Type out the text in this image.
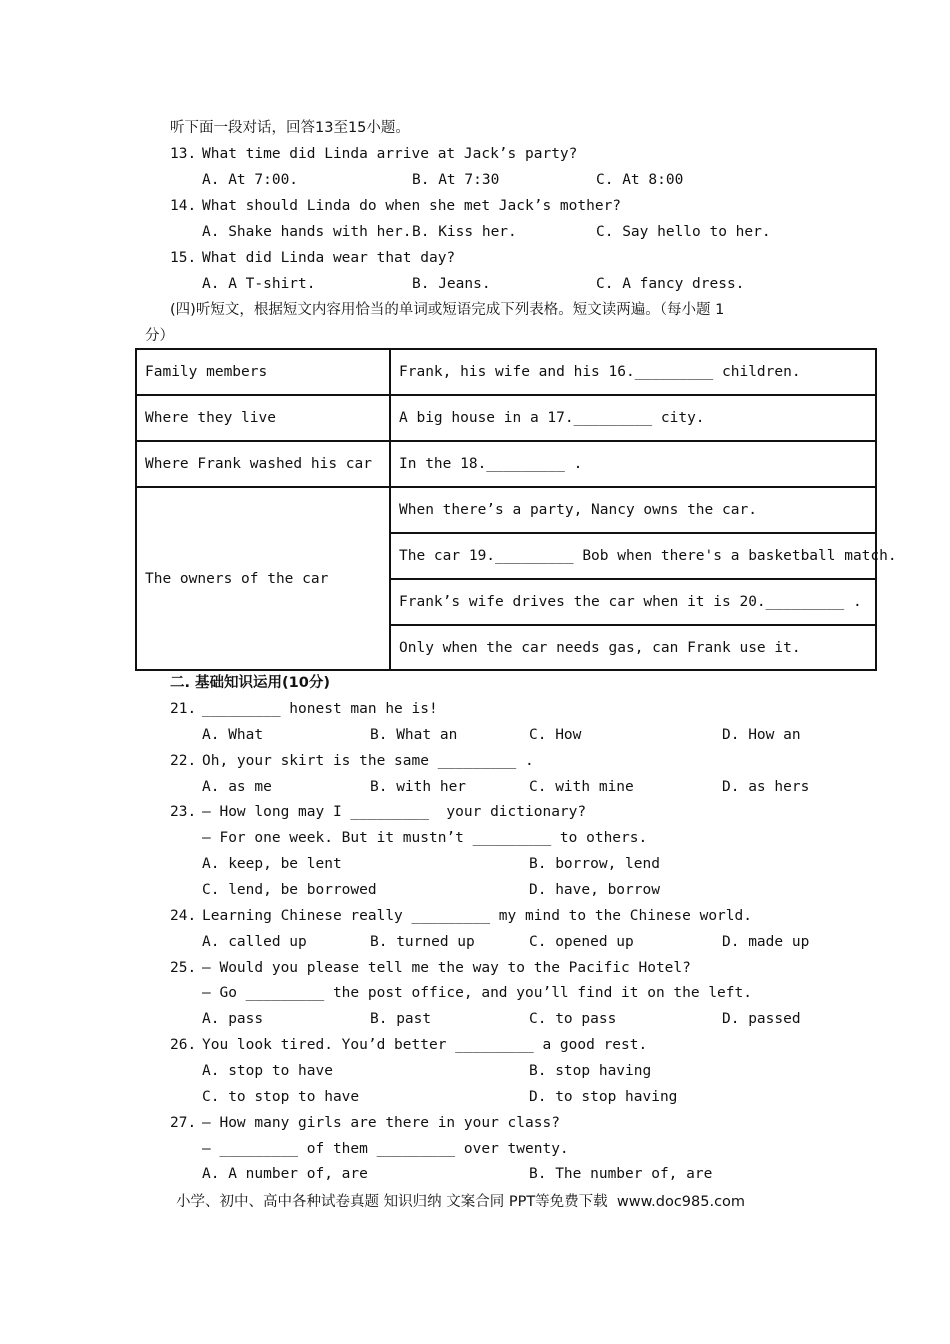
听下面一段对话，回答13至15小题。
13. What time did Linda arrive at Jack’s party?
A. At 7:00.	B. At 7:30	C. At 8:00
14. What should Linda do when she met Jack’s mother?
A. Shake hands with her. B. Kiss her.	C. Say hello to her.
15. What did Linda wear that day?
A. A T-shirt.	B. Jeans.	C. A fancy dress.
(四)听短文，根据短文内容用恰当的单词或短语完成下列表格。短文读两遍。（每小题 1
分）
Family members	Frank, his wife and his 16._________ children.
Where they live	A big house in a 17._________ city.
Where Frank washed his car	In the 18._________ .
The owners of the car	When there’s a party, Nancy owns the car.
	The car 19._________ Bob when there's a basketball match.
	Frank’s wife drives the car when it is 20._________ .
	Only when the car needs gas, can Frank use it.
二. 基础知识运用(10分)
21. _________ honest man he is!
A. What	B. What an	C. How	D. How an
22. Oh, your skirt is the same _________ .
A. as me	B. with her	C. with mine	D. as hers
23. — How long may I _________  your dictionary?
— For one week. But it mustn’t _________ to others.
A. keep, be lent	B. borrow, lend
C. lend, be borrowed	D. have, borrow
24. Learning Chinese really _________ my mind to the Chinese world.
A. called up	B. turned up	C. opened up	D. made up
25. — Would you please tell me the way to the Pacific Hotel?
— Go _________ the post office, and you’ll find it on the left.
A. pass	B. past	C. to pass	D. passed
26. You look tired. You’d better _________ a good rest.
A. stop to have	B. stop having
C. to stop to have	D. to stop having
27. — How many girls are there in your class?
— _________ of them _________ over twenty.
A. A number of, are	B. The number of, are
小学、初中、高中各种试卷真题 知识归纳 文案合同 PPT等免费下载  www.doc985.com
